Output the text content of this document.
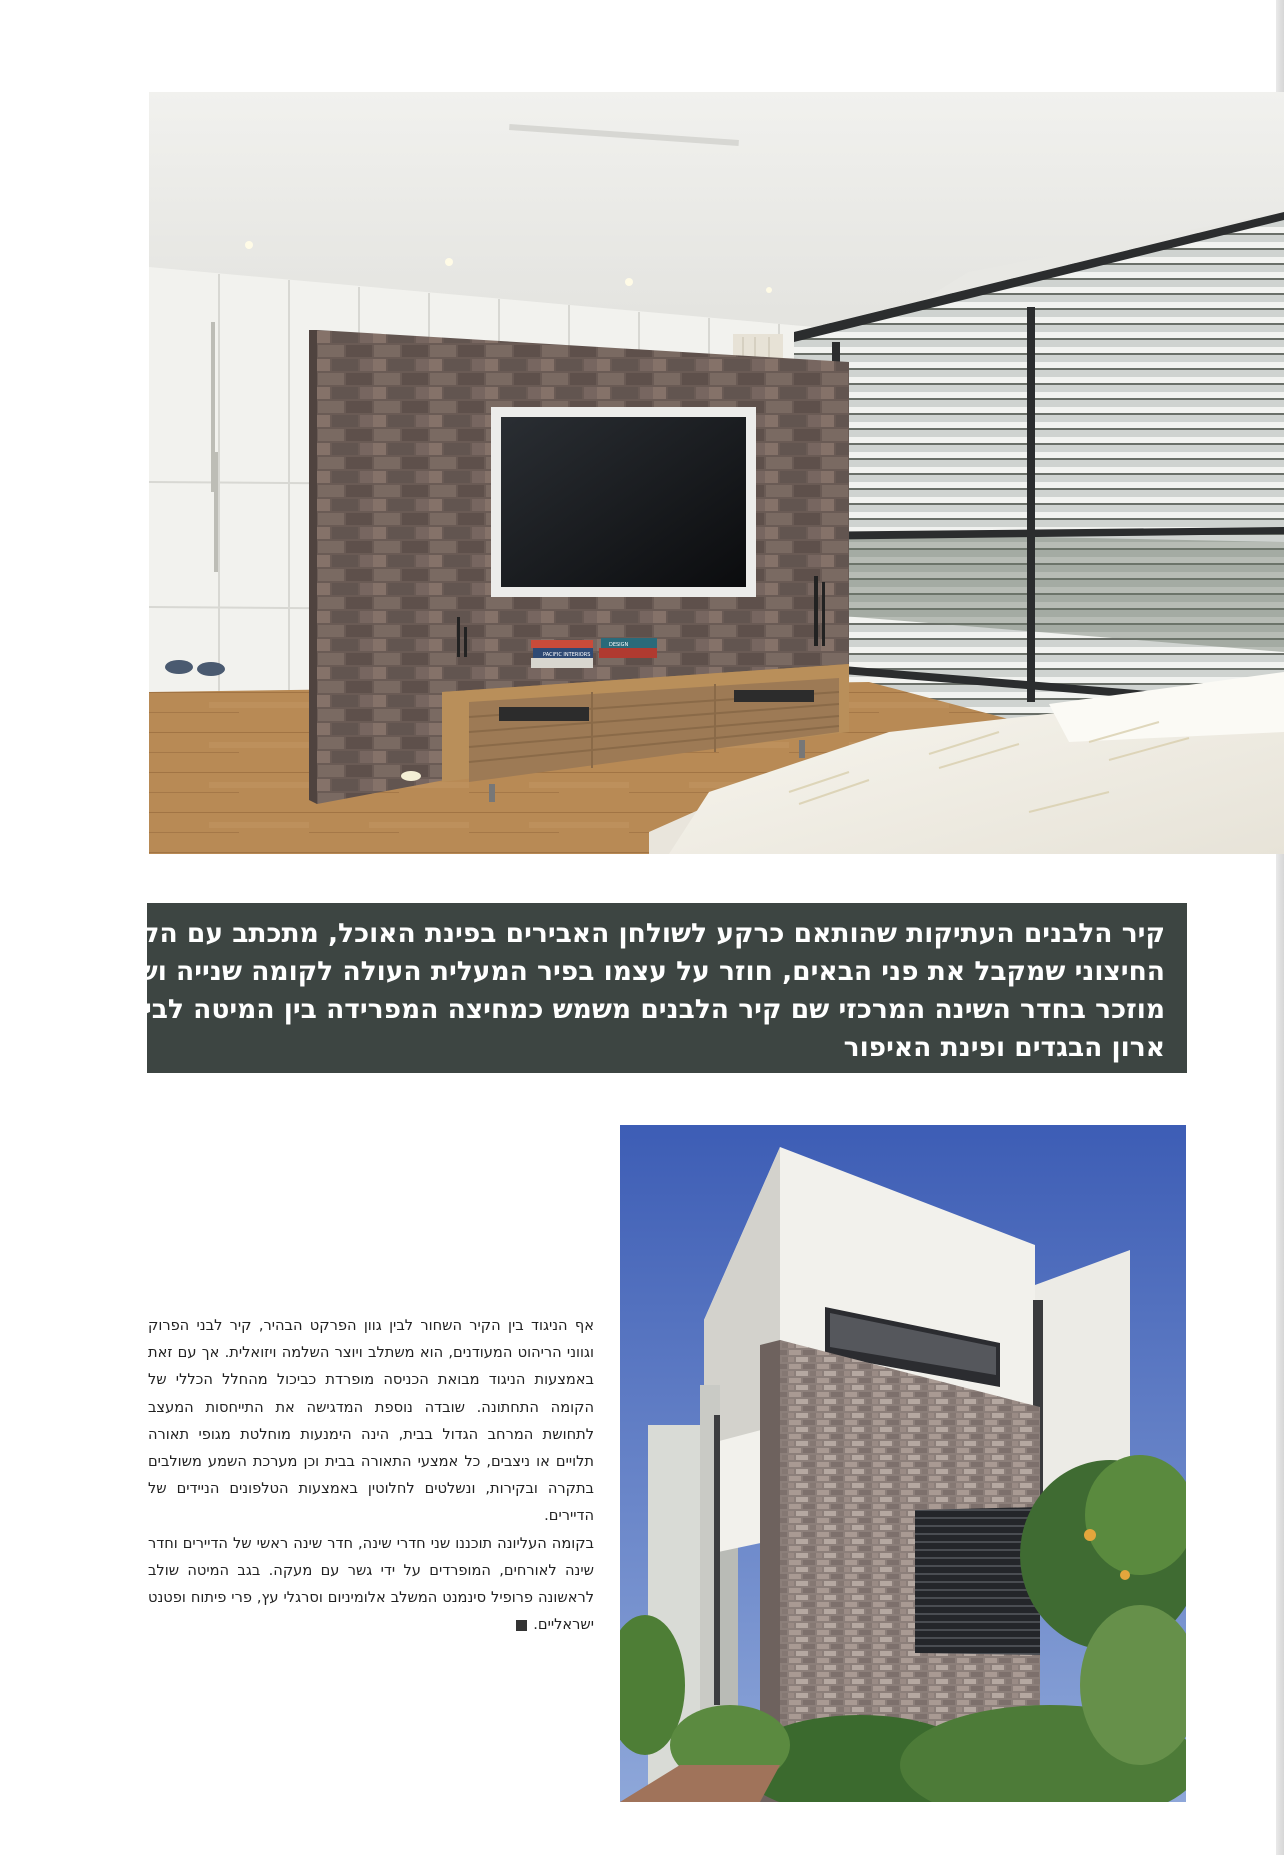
PACIFIC INTERIORS
DESIGN
קיר הלבנים העתיקות שהותאם כרקע לשולחן האבירים בפינת האוכל, מתכתב עם הקיר
החיצוני שמקבל את פני הבאים, חוזר על עצמו בפיר המעלית העולה לקומה שנייה ושוב
מוזכר בחדר השינה המרכזי שם קיר הלבנים משמש כמחיצה המפרידה בין המיטה לבין
ארון הבגדים ופינת האיפור

אף הניגוד בין הקיר השחור לבין גוון הפרקט הבהיר, קיר לבני הפרוק וגווני הריהוט המעודנים, הוא משתלב ויוצר השלמה ויזואלית. אך עם זאת באמצעות הניגוד מבואת הכניסה מופרדת כביכול מהחלל הכללי של הקומה התחתונה. שובדה נוספת המדגישה את התייחסות המעצב לתחושת המרחב הגדול בבית, הינה הימנעות מוחלטת מגופי תאורה תלויים או ניצבים, כל אמצעי התאורה בבית וכן מערכת השמע משולבים בתקרה ובקירות, ונשלטים לחלוטין באמצעות הטלפונים הניידים של הדיירים.

בקומה העליונה תוכננו שני חדרי שינה, חדר שינה ראשי של הדיירים וחדר שינה לאורחים, המופרדים על ידי גשר עם מעקה. בגב המיטה שולב לראשונה פרופיל סינמנט המשלב אלומיניום וסרגלי עץ, פרי פיתוח ופטנט ישראליים.
